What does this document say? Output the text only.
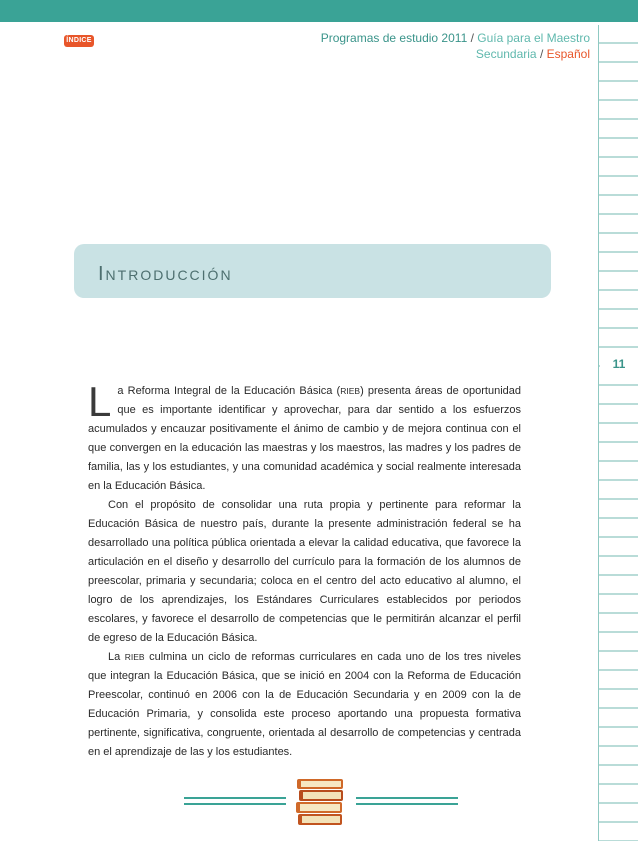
ÍNDICE	Programas de estudio 2011 / Guía para el Maestro
Secundaria / Español
11
Introducción

La Reforma Integral de la Educación Básica (RIEB) presenta áreas de oportunidad que es importante identificar y aprovechar, para dar sentido a los esfuerzos acumulados y encauzar positivamente el ánimo de cambio y de mejora continua con el que convergen en la educación las maestras y los maestros, las madres y los padres de familia, las y los estudiantes, y una comunidad académica y social realmente interesada en la Educación Básica.

Con el propósito de consolidar una ruta propia y pertinente para reformar la Educación Básica de nuestro país, durante la presente administración federal se ha desarrollado una política pública orientada a elevar la calidad educativa, que favorece la articulación en el diseño y desarrollo del currículo para la formación de los alumnos de preescolar, primaria y secundaria; coloca en el centro del acto educativo al alumno, el logro de los aprendizajes, los Estándares Curriculares establecidos por periodos escolares, y favorece el desarrollo de competencias que le permitirán alcanzar el perfil de egreso de la Educación Básica.

La RIEB culmina un ciclo de reformas curriculares en cada uno de los tres niveles que integran la Educación Básica, que se inició en 2004 con la Reforma de Educación Preescolar, continuó en 2006 con la de Educación Secundaria y en 2009 con la de Educación Primaria, y consolida este proceso aportando una propuesta formativa pertinente, significativa, congruente, orientada al desarrollo de competencias y centrada en el aprendizaje de las y los estudiantes.
